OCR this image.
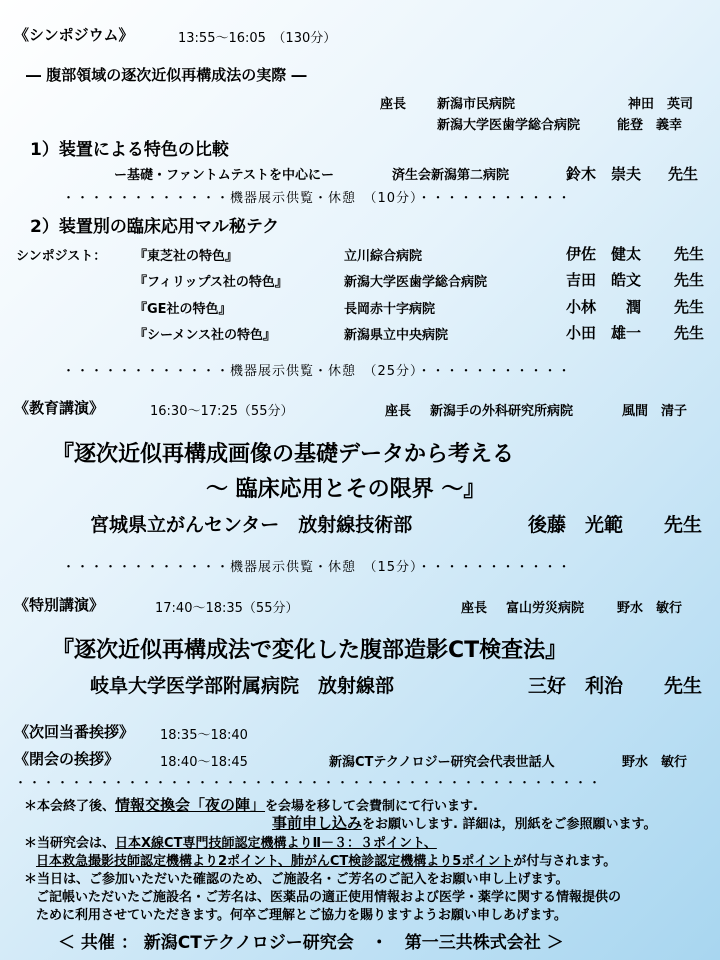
《シンポジウム》	13:55〜16:05　（130分）
― 腹部領域の逐次近似再構成法の実際 ―
座長 新潟市民病院	神田　英司
新潟大学医歯学総合病院	能登　義幸
1）装置による特色の比較
ー基礎・ファントムテストを中心にー	済生会新潟第二病院	鈴木　崇夫 先生
・・・・・・・・・・・・機器展示供覧・休憩　（10分）・・・・・・・・・・・
2）装置別の臨床応用マル秘テク
シンポジスト： 『東芝社の特色』	立川綜合病院	伊佐　健太 先生
『フィリップス社の特色』	新潟大学医歯学総合病院	吉田　皓文 先生
『GE社の特色』	長岡赤十字病院	小林　　潤 先生
『シーメンス社の特色』	新潟県立中央病院	小田　雄一 先生
・・・・・・・・・・・・機器展示供覧・休憩　（25分）・・・・・・・・・・・
《教育講演》	16:30〜17:25（55分）	座長 新潟手の外科研究所病院	風間　清子
『逐次近似再構成画像の基礎データから考える
〜 臨床応用とその限界 〜』
宮城県立がんセンター　放射線技術部	後藤　光範 先生
・・・・・・・・・・・・機器展示供覧・休憩　（15分）・・・・・・・・・・・
《特別講演》	17:40〜18:35（55分）	座長 富山労災病院	野水　敏行
『逐次近似再構成法で変化した腹部造影CT検査法』
岐阜大学医学部附属病院　放射線部	三好　利治 先生
《次回当番挨拶》 18:35〜18:40
《閉会の挨拶》	18:40〜18:45	新潟CTテクノロジー研究会代表世話人	野水　敏行
・・・・・・・・・・・・・・・・・・・・・・・・・・・・・・・・・・・・・・・・・・
＊本会終了後、情報交換会「夜の陣」を会場を移して会費制にて行います.
事前申し込みをお願いします. 詳細は，別紙をご参照願います。
＊当研究会は、日本X線CT専門技師認定機構よりⅡ－３：３ポイント、
日本救急撮影技師認定機構より2ポイント、肺がんCT検診認定機構より5ポイントが付与されます。
＊当日は、ご参加いただいた確認のため、ご施設名・ご芳名のご記入をお願い申し上げます。
ご記帳いただいたご施設名・ご芳名は、医薬品の適正使用情報および医学・薬学に関する情報提供の
ために利用させていただきます。何卒ご理解とご協力を賜りますようお願い申しあげます。
＜ 共催 ： 新潟CTテクノロジー研究会　・　第一三共株式会社 ＞
